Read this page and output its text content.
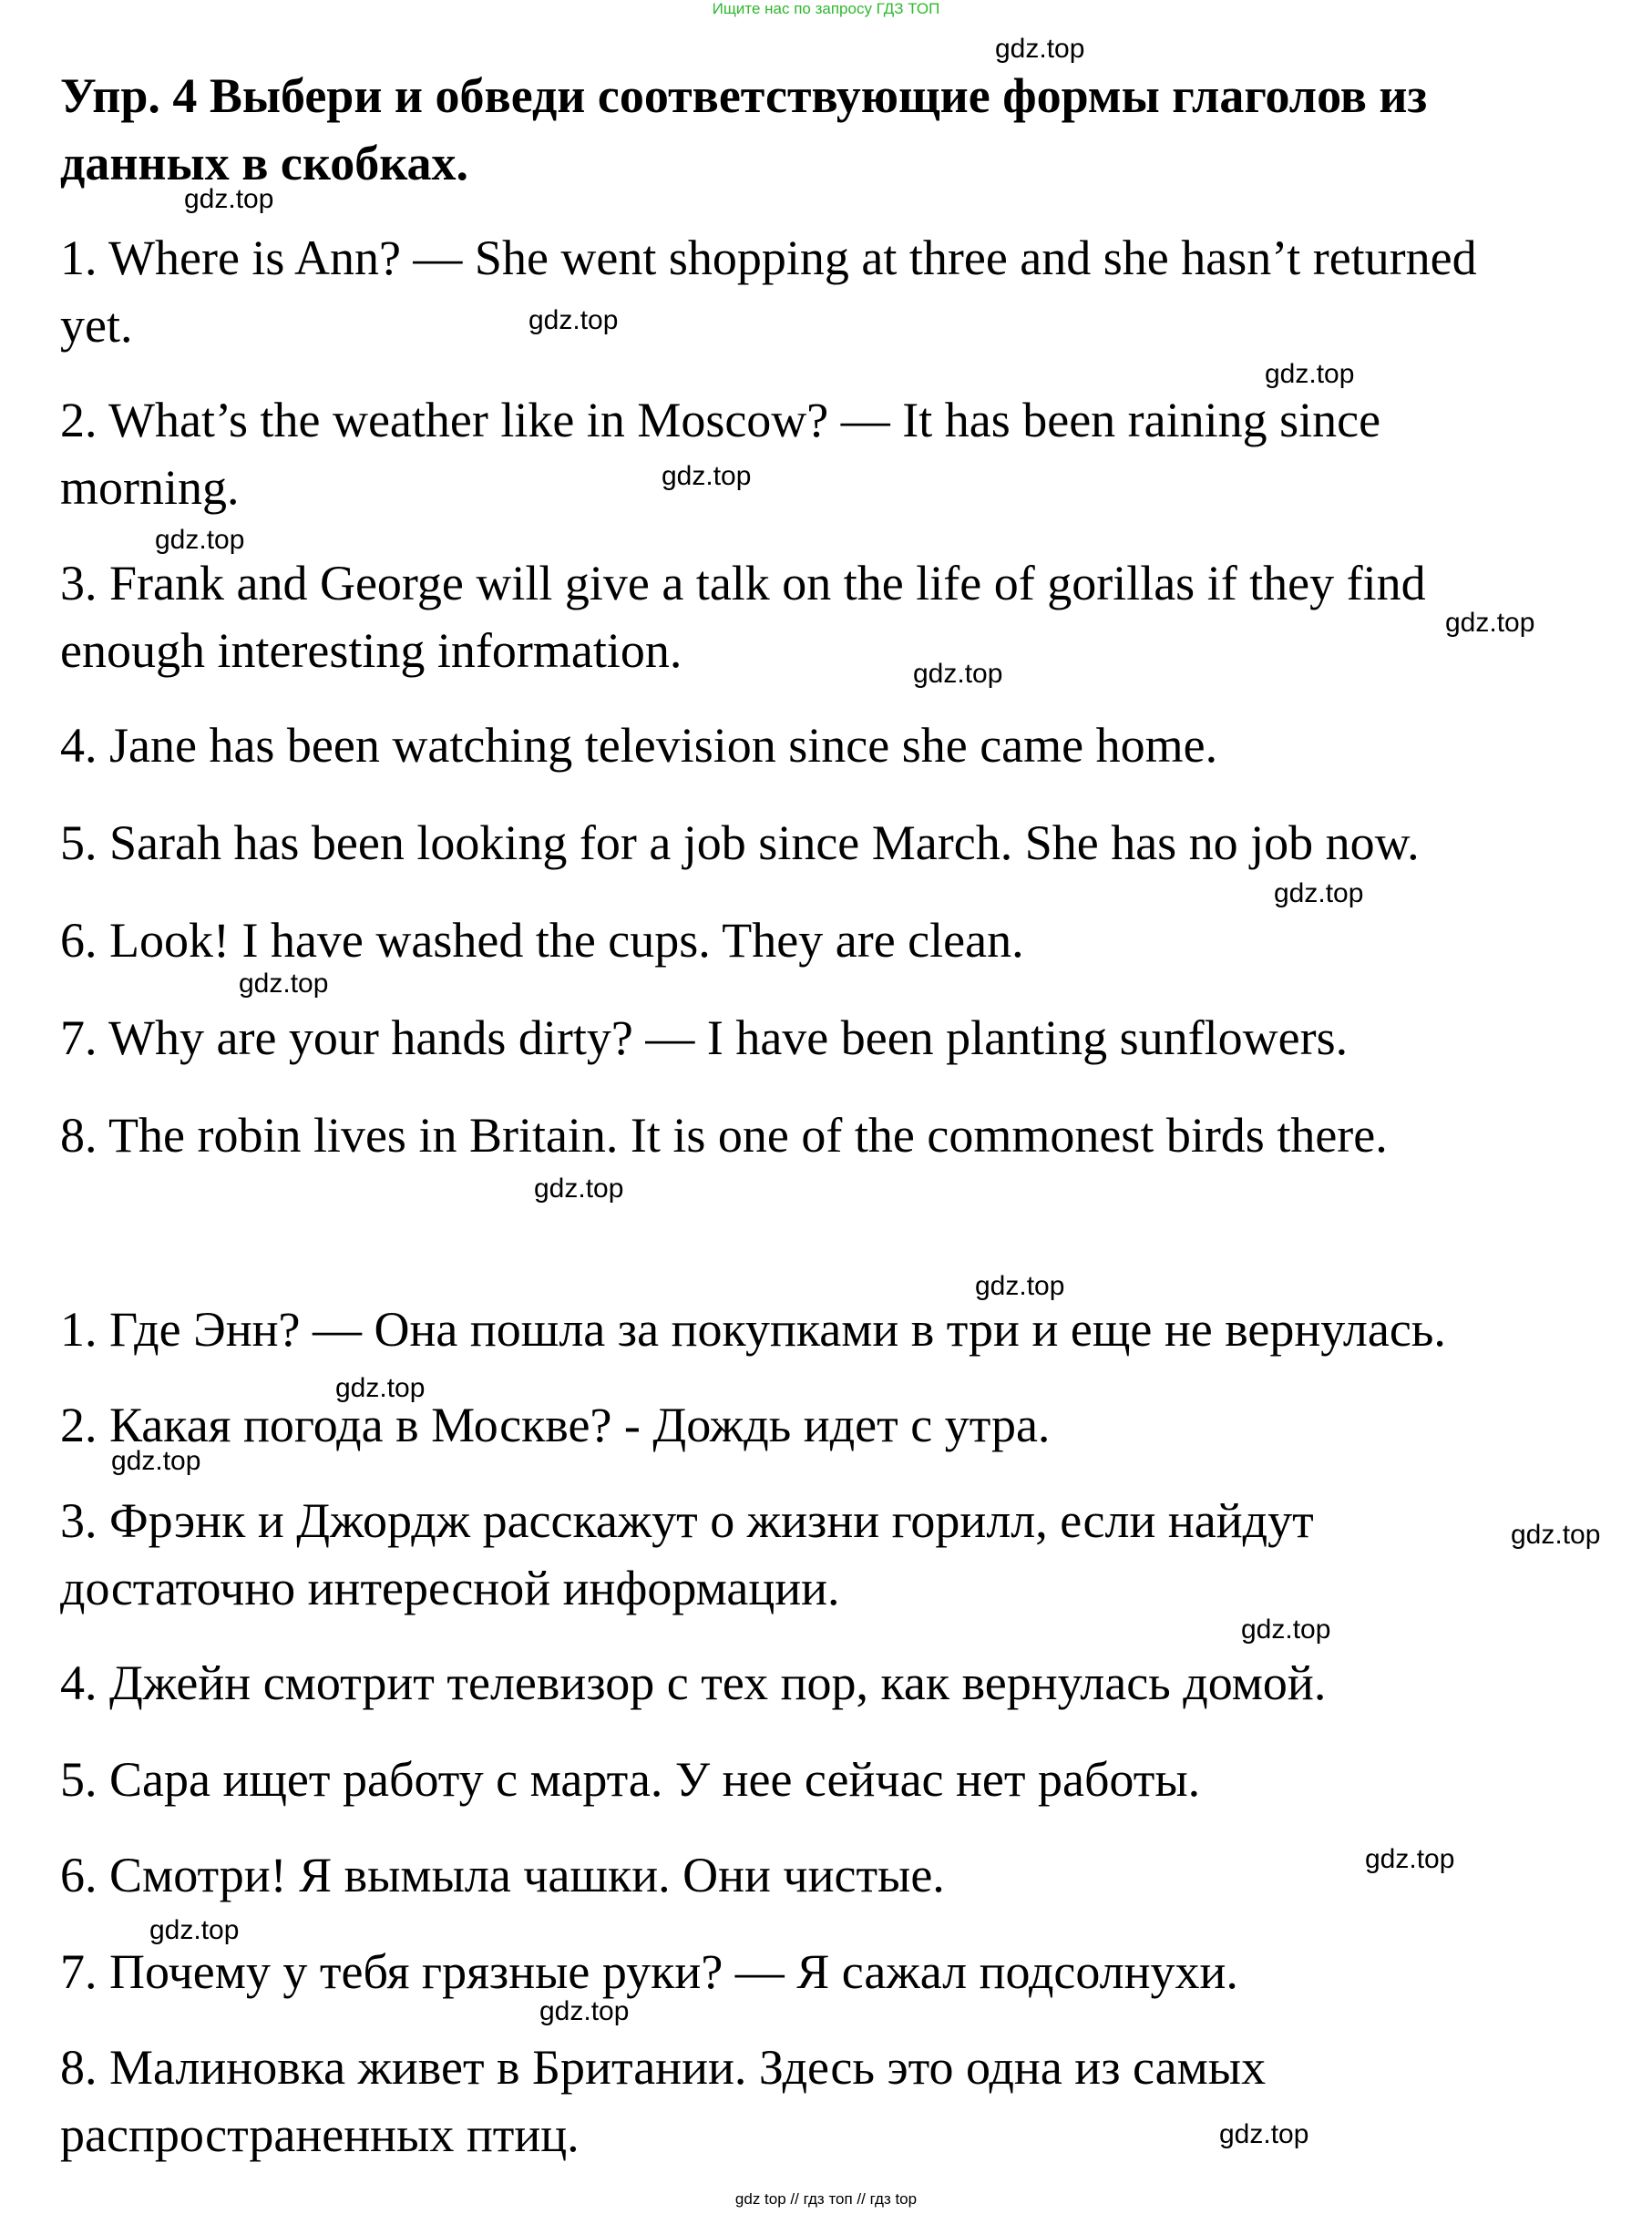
Ищите нас по запросу ГДЗ ТОП
Упр. 4 Выбери и обведи соответствующие формы глаголов из
данных в скобках.

1. Where is Ann? — She went shopping at three and she hasn’t returned

yet.

2. What’s the weather like in Moscow? — It has been raining since

morning.

3. Frank and George will give a talk on the life of gorillas if they find

enough interesting information.

4. Jane has been watching television since she came home.

5. Sarah has been looking for a job since March. She has no job now.

6. Look! I have washed the cups. They are clean.

7. Why are your hands dirty? — I have been planting sunflowers.

8. The robin lives in Britain. It is one of the commonest birds there.

1. Где Энн? — Она пошла за покупками в три и еще не вернулась.

2. Какая погода в Москве? - Дождь идет с утра.

3. Фрэнк и Джордж расскажут о жизни горилл, если найдут

достаточно интересной информации.

4. Джейн смотрит телевизор с тех пор, как вернулась домой.

5. Сара ищет работу с марта. У нее сейчас нет работы.

6. Смотри! Я вымыла чашки. Они чистые.

7. Почему у тебя грязные руки? — Я сажал подсолнухи.

8. Малиновка живет в Британии. Здесь это одна из самых

распространенных птиц.

gdz.top
gdz.top
gdz.top
gdz.top
gdz.top
gdz.top
gdz.top
gdz.top
gdz.top
gdz.top
gdz.top
gdz.top
gdz.top
gdz.top
gdz.top
gdz.top
gdz.top
gdz.top
gdz.top
gdz.top
gdz top // гдз топ // гдз top
